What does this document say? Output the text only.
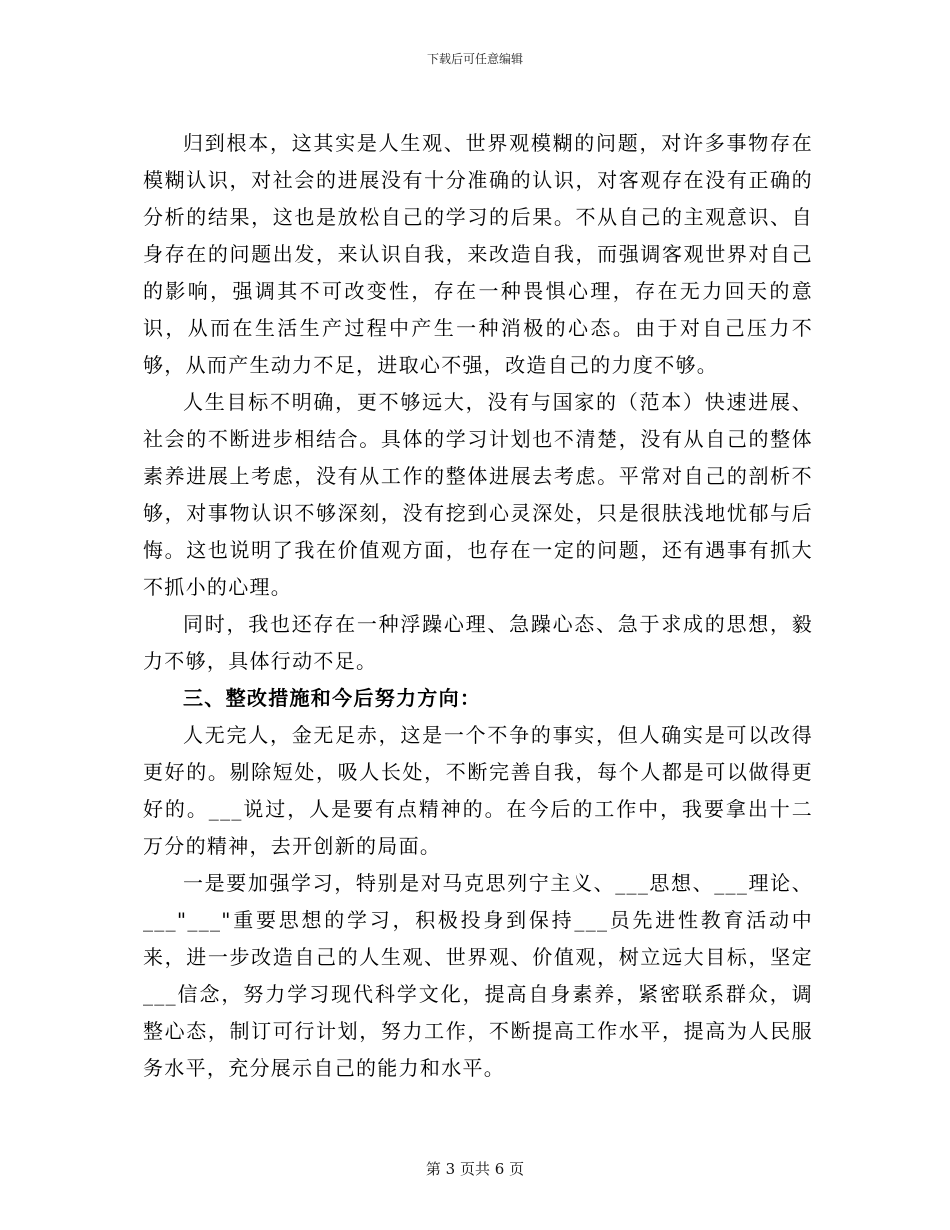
下载后可任意编辑

归到根本，这其实是人生观、世界观模糊的问题，对许多事物存在模糊认识，对社会的进展没有十分准确的认识，对客观存在没有正确的分析的结果，这也是放松自己的学习的后果。不从自己的主观意识、自身存在的问题出发，来认识自我，来改造自我，而强调客观世界对自己的影响，强调其不可改变性，存在一种畏惧心理，存在无力回天的意识，从而在生活生产过程中产生一种消极的心态。由于对自己压力不够，从而产生动力不足，进取心不强，改造自己的力度不够。

人生目标不明确，更不够远大，没有与国家的（范本）快速进展、社会的不断进步相结合。具体的学习计划也不清楚，没有从自己的整体素养进展上考虑，没有从工作的整体进展去考虑。平常对自己的剖析不够，对事物认识不够深刻，没有挖到心灵深处，只是很肤浅地忧郁与后悔。这也说明了我在价值观方面，也存在一定的问题，还有遇事有抓大不抓小的心理。

同时，我也还存在一种浮躁心理、急躁心态、急于求成的思想，毅力不够，具体行动不足。

三、整改措施和今后努力方向：

人无完人，金无足赤，这是一个不争的事实，但人确实是可以改得更好的。剔除短处，吸人长处，不断完善自我，每个人都是可以做得更好的。___说过，人是要有点精神的。在今后的工作中，我要拿出十二万分的精神，去开创新的局面。

一是要加强学习，特别是对马克思列宁主义、___思想、___理论、___"___"重要思想的学习，积极投身到保持___员先进性教育活动中来，进一步改造自己的人生观、世界观、价值观，树立远大目标，坚定___信念，努力学习现代科学文化，提高自身素养，紧密联系群众，调整心态，制订可行计划，努力工作，不断提高工作水平，提高为人民服务水平，充分展示自己的能力和水平。

第 3 页共 6 页
